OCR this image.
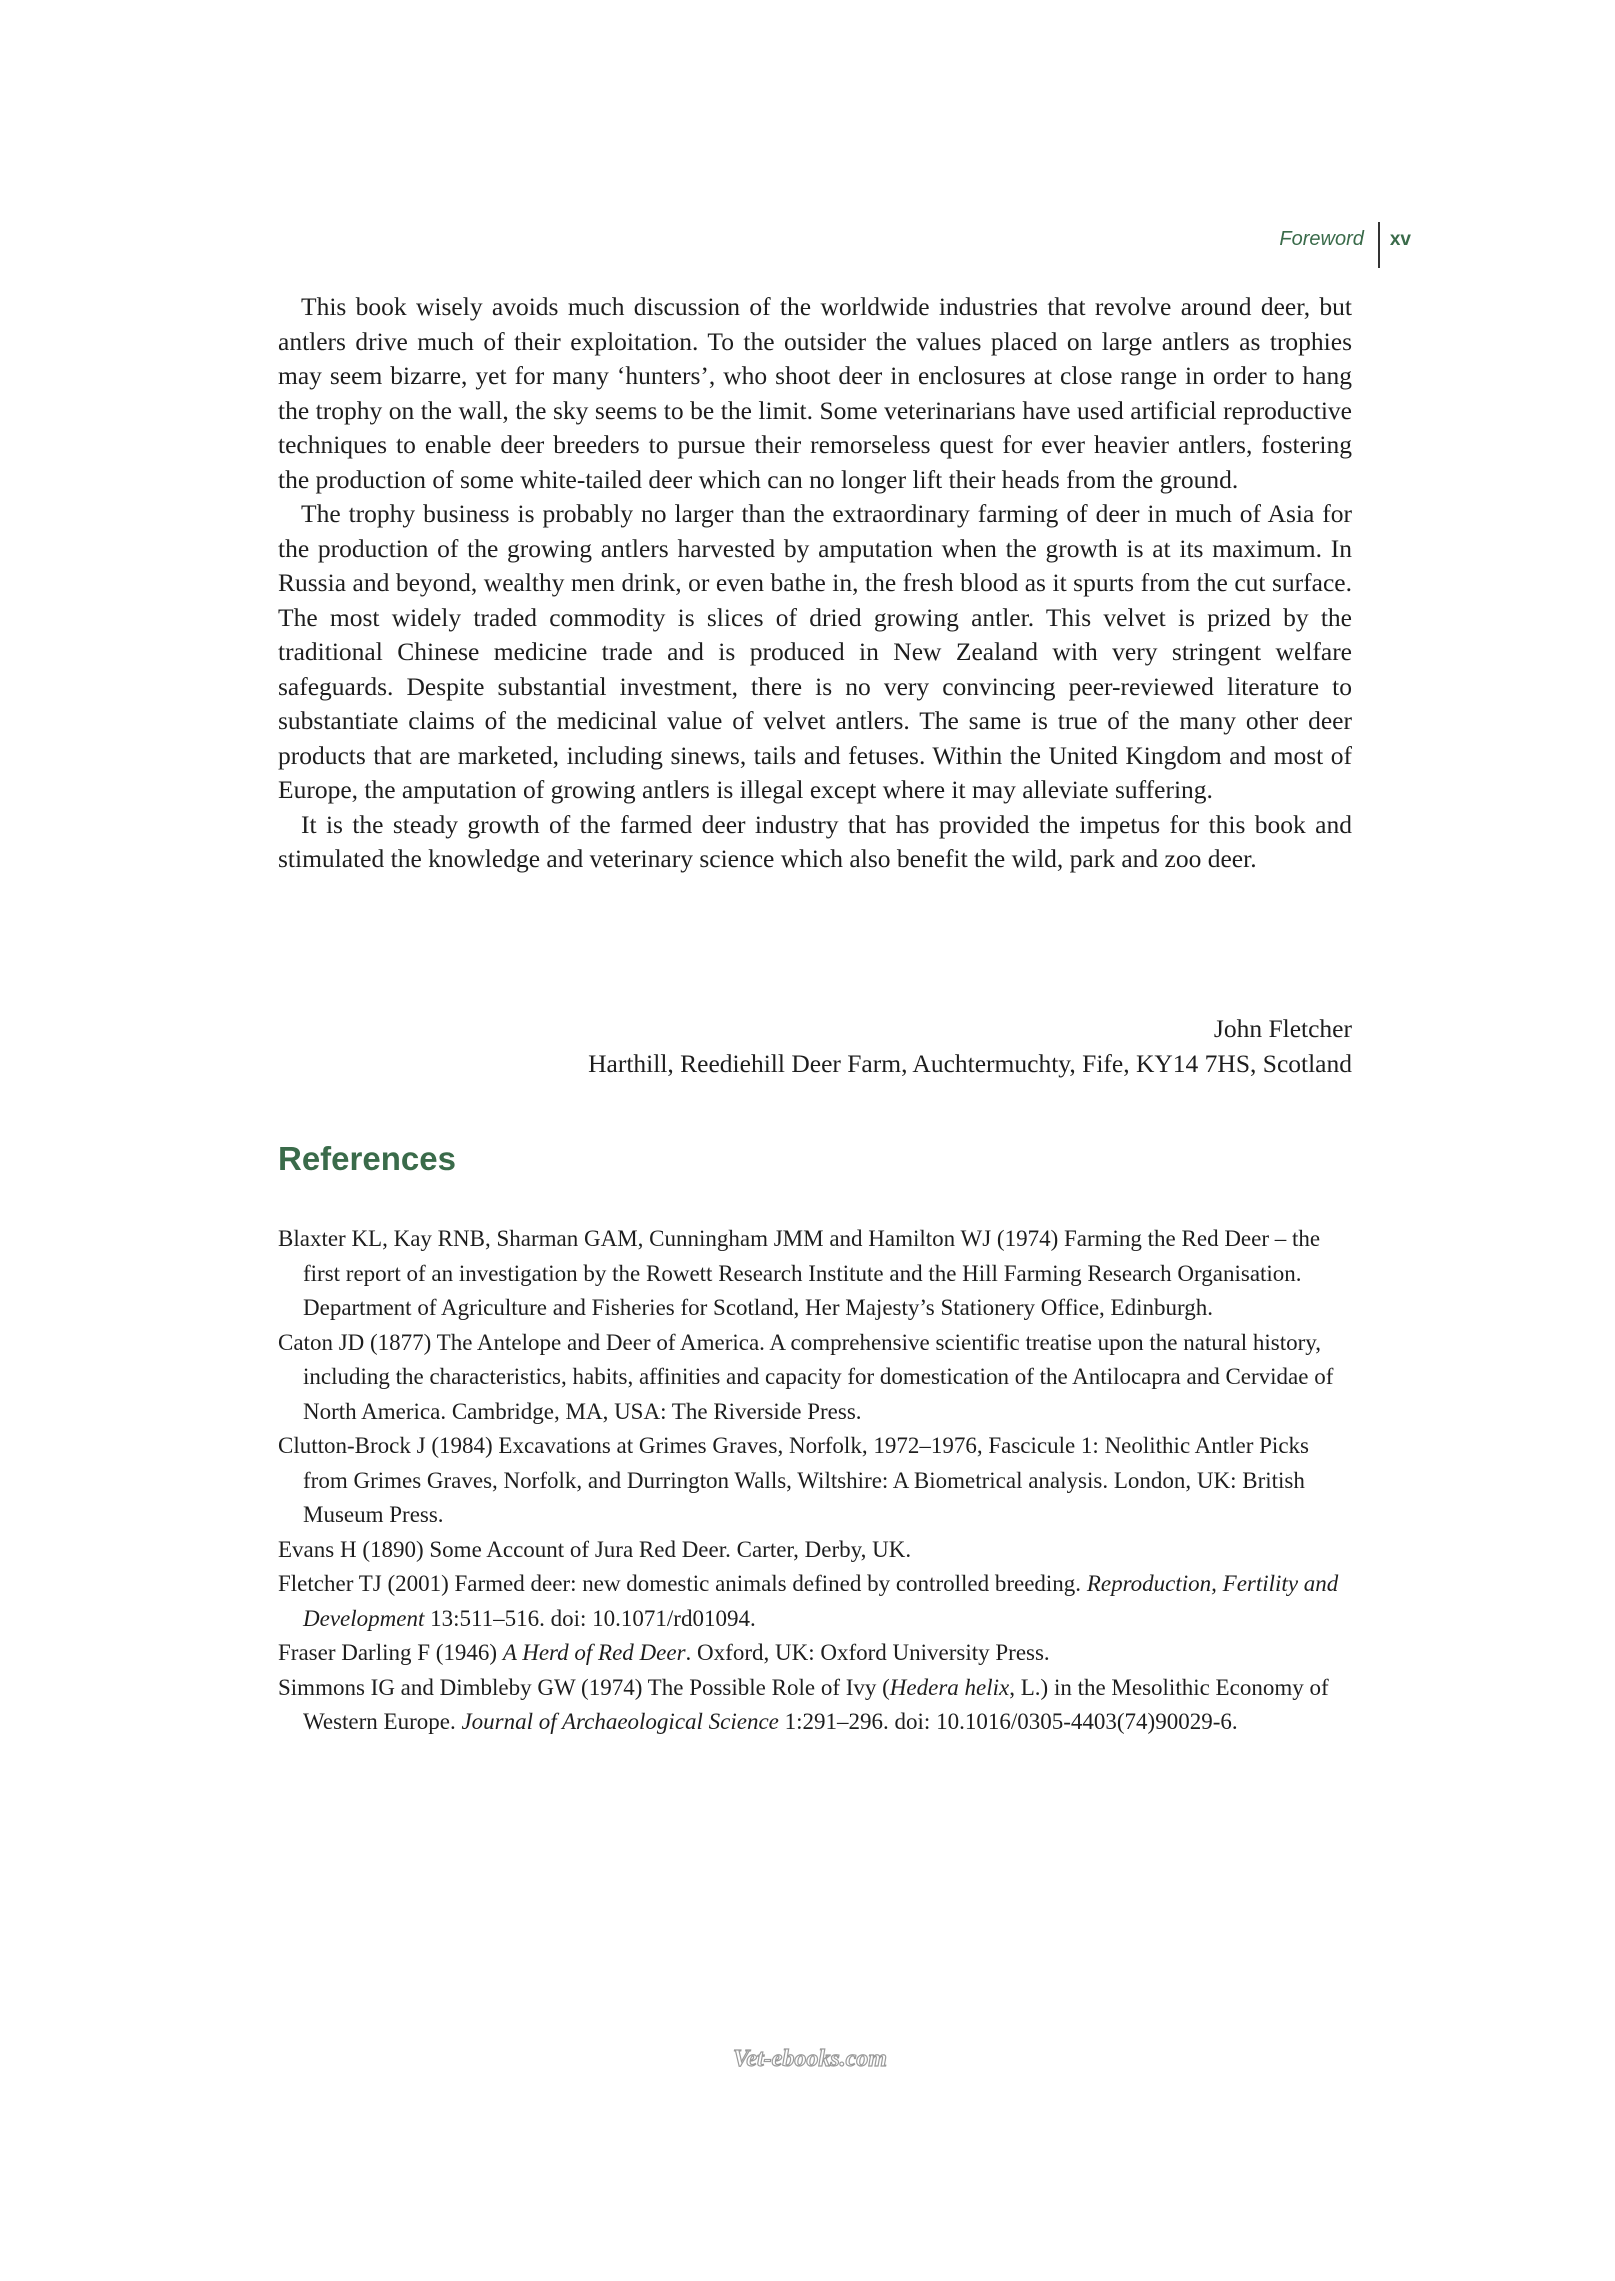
Foreword	xv

This book wisely avoids much discussion of the worldwide industries that revolve around deer, but antlers drive much of their exploitation. To the outsider the values placed on large antlers as trophies may seem bizarre, yet for many ‘hunters’, who shoot deer in enclosures at close range in order to hang the trophy on the wall, the sky seems to be the limit. Some veterinarians have used artificial reproductive techniques to enable deer breeders to pursue their remorseless quest for ever heavier antlers, fostering the production of some white-tailed deer which can no longer lift their heads from the ground.

The trophy business is probably no larger than the extraordinary farming of deer in much of Asia for the production of the growing antlers harvested by amputation when the growth is at its maximum. In Russia and beyond, wealthy men drink, or even bathe in, the fresh blood as it spurts from the cut surface. The most widely traded commodity is slices of dried growing antler. This velvet is prized by the traditional Chinese medicine trade and is produced in New Zealand with very stringent welfare safeguards. Despite substantial investment, there is no very convincing peer-reviewed literature to substantiate claims of the medicinal value of velvet antlers. The same is true of the many other deer products that are marketed, including sinews, tails and fetuses. Within the United Kingdom and most of Europe, the amputation of growing antlers is illegal except where it may alleviate suffering.

It is the steady growth of the farmed deer industry that has provided the impetus for this book and stimulated the knowledge and veterinary science which also benefit the wild, park and zoo deer.

John Fletcher
Harthill, Reediehill Deer Farm, Auchtermuchty, Fife, KY14 7HS, Scotland
References

Blaxter KL, Kay RNB, Sharman GAM, Cunningham JMM and Hamilton WJ (1974) Farming the Red Deer – the first report of an investigation by the Rowett Research Institute and the Hill Farming Research Organisation. Department of Agriculture and Fisheries for Scotland, Her Majesty’s Stationery Office, Edinburgh.

Caton JD (1877) The Antelope and Deer of America. A comprehensive scientific treatise upon the natural history, including the characteristics, habits, affinities and capacity for domestication of the Antilocapra and Cervidae of North America. Cambridge, MA, USA: The Riverside Press.

Clutton-Brock J (1984) Excavations at Grimes Graves, Norfolk, 1972–1976, Fascicule 1: Neolithic Antler Picks from Grimes Graves, Norfolk, and Durrington Walls, Wiltshire: A Biometrical analysis. London, UK: British Museum Press.

Evans H (1890) Some Account of Jura Red Deer. Carter, Derby, UK.

Fletcher TJ (2001) Farmed deer: new domestic animals defined by controlled breeding. Reproduction, Fertility and Development 13:511–516. doi: 10.1071/rd01094.

Fraser Darling F (1946) A Herd of Red Deer. Oxford, UK: Oxford University Press.

Simmons IG and Dimbleby GW (1974) The Possible Role of Ivy (Hedera helix, L.) in the Mesolithic Economy of Western Europe. Journal of Archaeological Science 1:291–296. doi: 10.1016/0305-4403(74)90029-6.

Vet-ebooks.com
